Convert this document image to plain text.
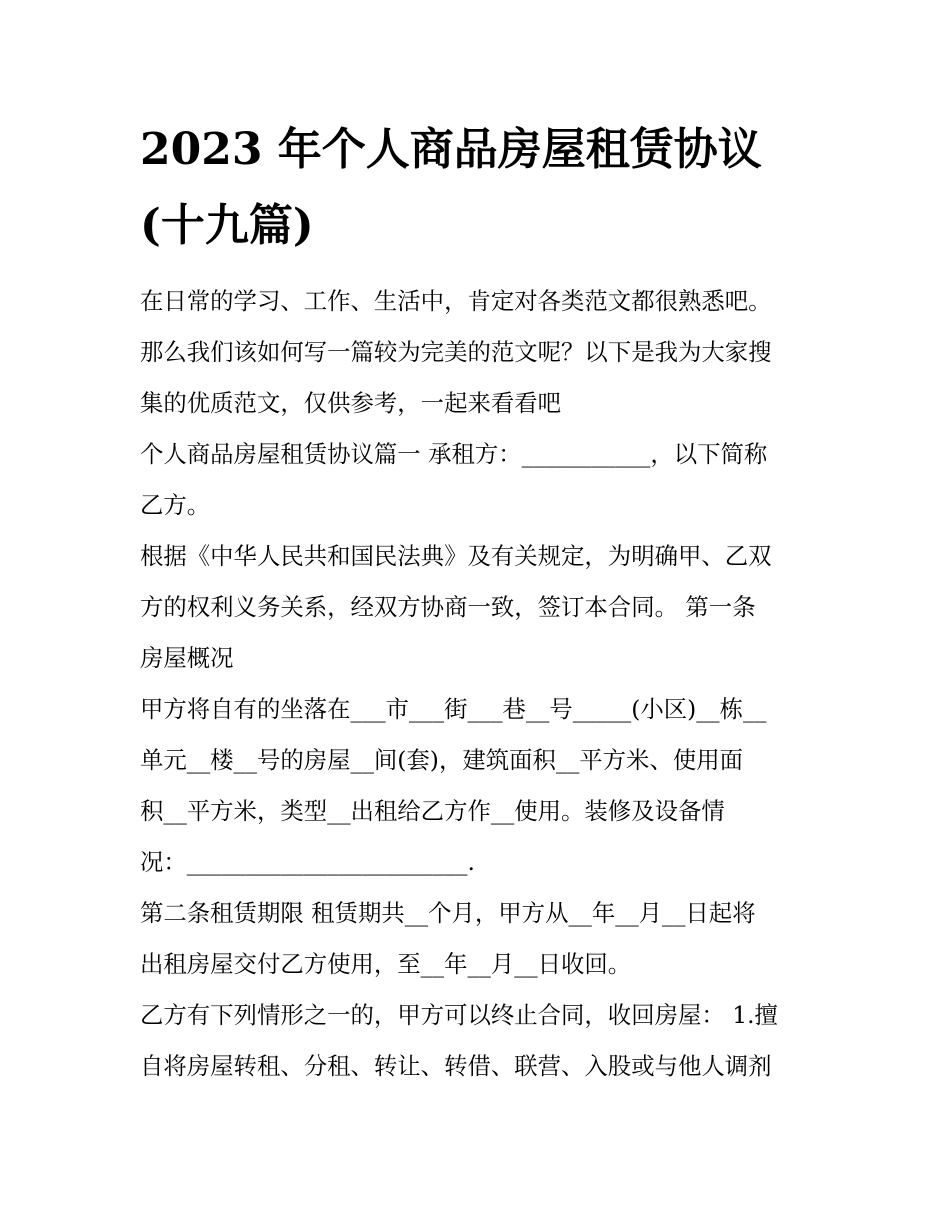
2023 年个人商品房屋租赁协议
(十九篇)
在日常的学习、工作、生活中，肯定对各类范文都很熟悉吧。
那么我们该如何写一篇较为完美的范文呢？以下是我为大家搜
集的优质范文，仅供参考，一起来看看吧
个人商品房屋租赁协议篇一 承租方：___________，以下简称
乙方。
根据《中华人民共和国民法典》及有关规定，为明确甲、乙双
方的权利义务关系，经双方协商一致，签订本合同。 第一条
房屋概况
甲方将自有的坐落在___市___街___巷__号_____(小区)__栋__
单元__楼__号的房屋__间(套)，建筑面积__平方米、使用面
积__平方米，类型__出租给乙方作__使用。装修及设备情
况：________________________.
第二条租赁期限 租赁期共__个月，甲方从__年__月__日起将
出租房屋交付乙方使用，至__年__月__日收回。
乙方有下列情形之一的，甲方可以终止合同，收回房屋： 1.擅
自将房屋转租、分租、转让、转借、联营、入股或与他人调剂
